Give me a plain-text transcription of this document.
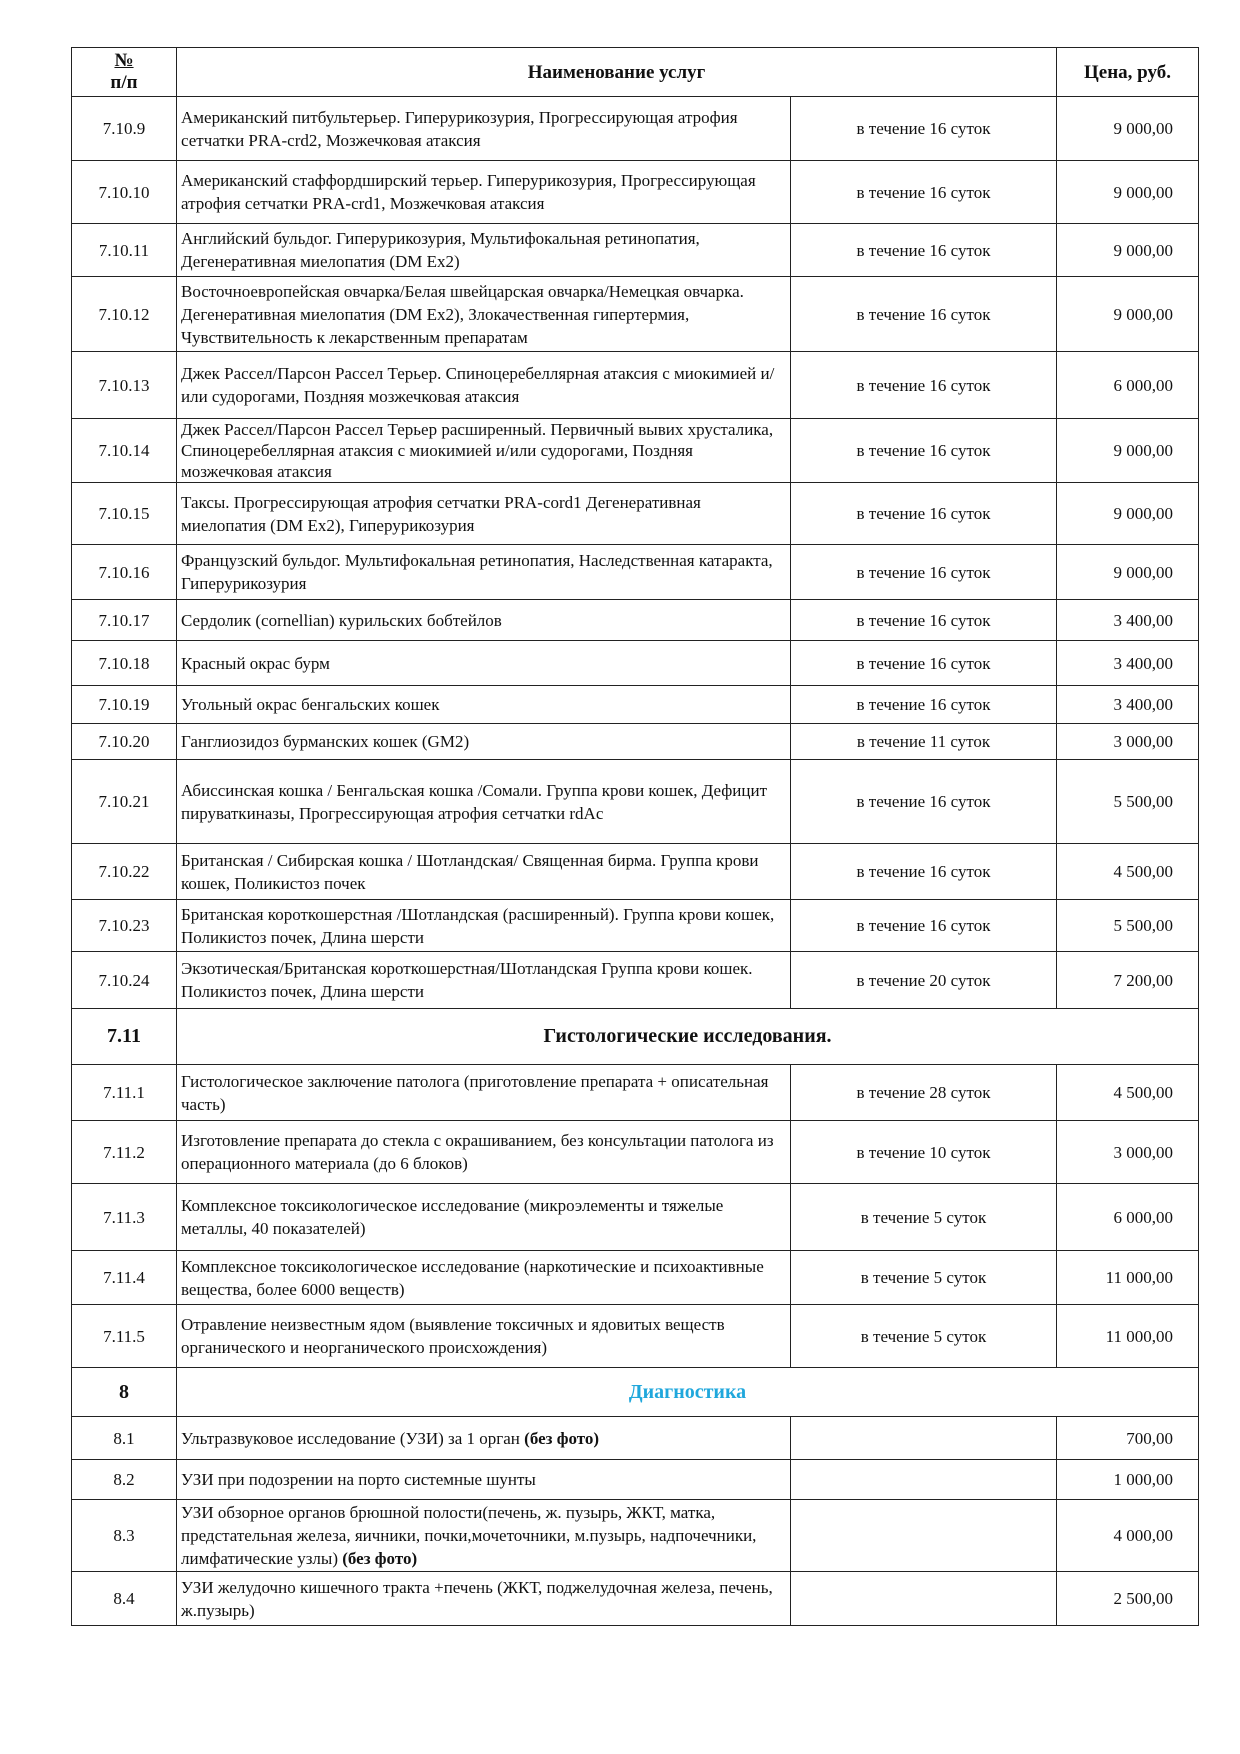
№
п/п	Наименование услуг		Цена, руб.
7.10.9	Американский питбультерьер. Гиперурикозурия, Прогрессирующая атрофия сетчатки PRA-crd2, Мозжечковая атаксия	в течение 16 суток	9 000,00
7.10.10	Американский стаффордширский терьер. Гиперурикозурия, Прогрессирующая атрофия сетчатки PRA-crd1, Мозжечковая атаксия	в течение 16 суток	9 000,00
7.10.11	Английский бульдог. Гиперурикозурия, Мультифокальная ретинопатия, Дегенеративная миелопатия (DM Ex2)	в течение 16 суток	9 000,00
7.10.12	Восточноевропейская овчарка/Белая швейцарская овчарка/Немецкая овчарка. Дегенеративная миелопатия (DM Ex2), Злокачественная гипертермия, Чувствительность к лекарственным препаратам	в течение 16 суток	9 000,00
7.10.13	Джек Рассел/Парсон Рассел Терьер. Спиноцеребеллярная атаксия с миокимией и/или судорогами, Поздняя мозжечковая атаксия	в течение 16 суток	6 000,00
7.10.14	Джек Рассел/Парсон Рассел Терьер расширенный. Первичный вывих хрусталика, Спиноцеребеллярная атаксия с миокимией и/или судорогами, Поздняя мозжечковая атаксия	в течение 16 суток	9 000,00
7.10.15	Таксы. Прогрессирующая атрофия сетчатки PRA-cord1 Дегенеративная миелопатия (DM Ex2), Гиперурикозурия	в течение 16 суток	9 000,00
7.10.16	Французский бульдог. Мультифокальная ретинопатия, Наследственная катаракта, Гиперурикозурия	в течение 16 суток	9 000,00
7.10.17	Сердолик (cornellian) курильских бобтейлов	в течение 16 суток	3 400,00
7.10.18	Красный окрас бурм	в течение 16 суток	3 400,00
7.10.19	Угольный окрас бенгальских кошек	в течение 16 суток	3 400,00
7.10.20	Ганглиозидоз бурманских кошек (GM2)	в течение 11 суток	3 000,00
7.10.21	Абиссинская кошка / Бенгальская кошка /Сомали. Группа крови кошек, Дефицит пируваткиназы, Прогрессирующая атрофия сетчатки rdAc	в течение 16 суток	5 500,00
7.10.22	Британская / Сибирская кошка / Шотландская/ Священная бирма. Группа крови кошек, Поликистоз почек	в течение 16 суток	4 500,00
7.10.23	Британская короткошерстная /Шотландская (расширенный). Группа крови кошек, Поликистоз почек, Длина шерсти	в течение 16 суток	5 500,00
7.10.24	Экзотическая/Британская короткошерстная/Шотландская Группа крови кошек. Поликистоз почек, Длина шерсти	в течение 20 суток	7 200,00
7.11	Гистологические исследования.		
7.11.1	Гистологическое заключение патолога (приготовление препарата + описательная часть)	в течение 28 суток	4 500,00
7.11.2	Изготовление препарата до стекла с окрашиванием, без консультации патолога из операционного материала (до 6 блоков)	в течение 10 суток	3 000,00
7.11.3	Комплексное токсикологическое исследование (микроэлементы и тяжелые металлы, 40 показателей)	в течение 5 суток	6 000,00
7.11.4	Комплексное токсикологическое исследование (наркотические и психоактивные вещества, более 6000 веществ)	в течение 5 суток	11 000,00
7.11.5	Отравление неизвестным ядом (выявление токсичных и ядовитых веществ органического и неорганического происхождения)	в течение 5 суток	11 000,00
8	Диагностика		
8.1	Ультразвуковое исследование (УЗИ) за 1 орган (без фото)		700,00
8.2	УЗИ при подозрении на порто системные шунты		1 000,00
8.3	УЗИ обзорное органов брюшной полости(печень, ж. пузырь, ЖКТ, матка, предстательная железа, яичники, почки,мочеточники, м.пузырь, надпочечники, лимфатические узлы) (без фото)		4 000,00
8.4	УЗИ желудочно кишечного тракта +печень (ЖКТ, поджелудочная железа, печень, ж.пузырь)		2 500,00
